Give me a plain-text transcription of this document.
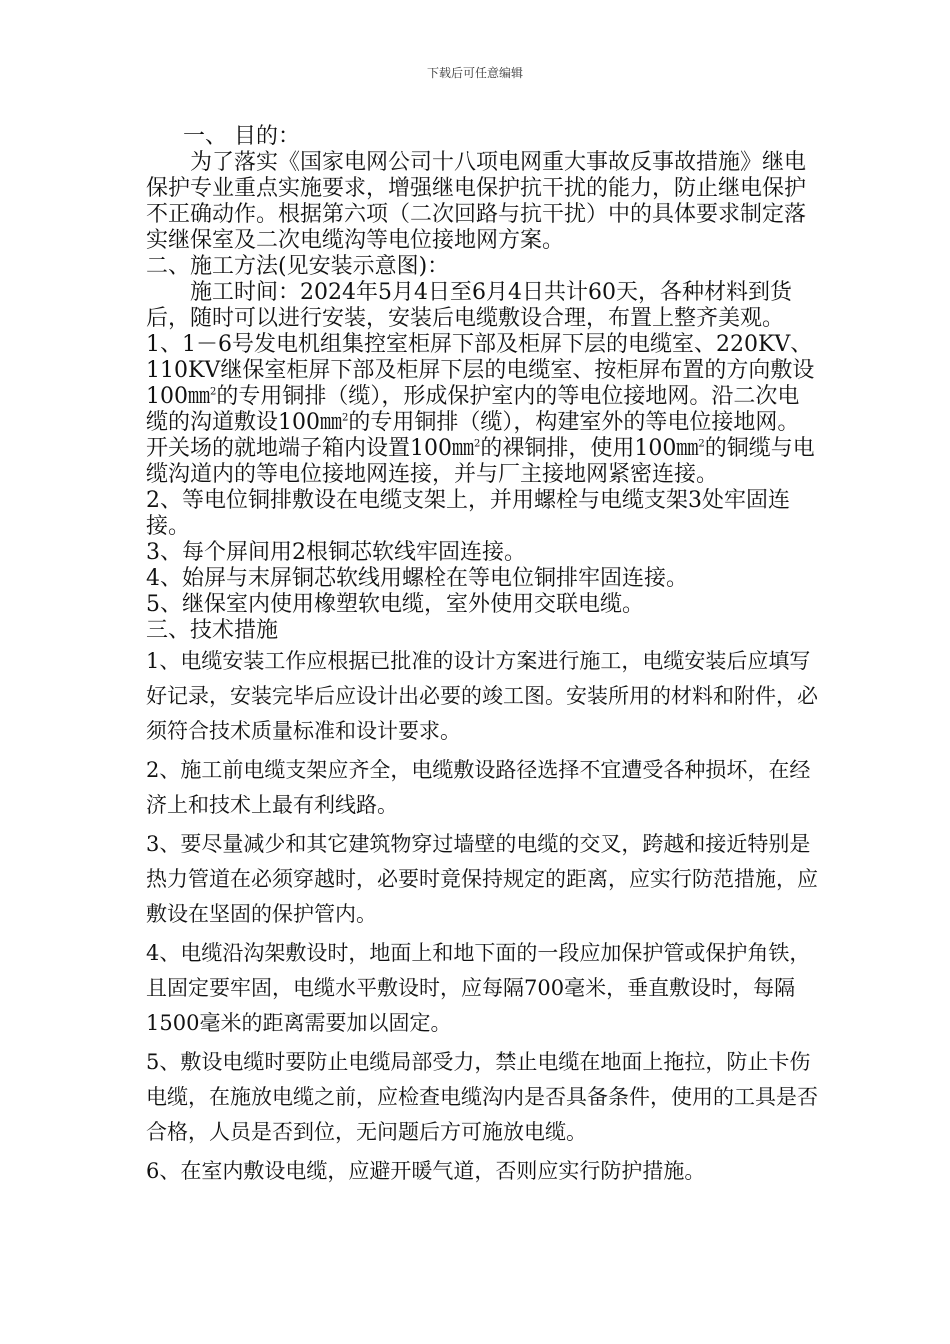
下载后可任意编辑

一、 目的：

为了落实《国家电网公司十八项电网重大事故反事故措施》继电保护专业重点实施要求，增强继电保护抗干扰的能力，防止继电保护不正确动作。根据第六项（二次回路与抗干扰）中的具体要求制定落实继保室及二次电缆沟等电位接地网方案。

二、施工方法(见安装示意图)：

施工时间：2024年5月4日至6月4日共计60天，各种材料到货后，随时可以进行安装，安装后电缆敷设合理，布置上整齐美观。

1、1－6号发电机组集控室柜屏下部及柜屏下层的电缆室、220KV、110KV继保室柜屏下部及柜屏下层的电缆室、按柜屏布置的方向敷设100㎜$^2$的专用铜排（缆），形成保护室内的等电位接地网。沿二次电缆的沟道敷设100㎜$^2$的专用铜排（缆），构建室外的等电位接地网。开关场的就地端子箱内设置100㎜$^2$的裸铜排，使用100㎜$^2$的铜缆与电缆沟道内的等电位接地网连接，并与厂主接地网紧密连接。

2、等电位铜排敷设在电缆支架上，并用螺栓与电缆支架3处牢固连接。

3、每个屏间用2根铜芯软线牢固连接。

4、始屏与末屏铜芯软线用螺栓在等电位铜排牢固连接。

5、继保室内使用橡塑软电缆，室外使用交联电缆。

三、技术措施

1、电缆安装工作应根据已批准的设计方案进行施工，电缆安装后应填写好记录，安装完毕后应设计出必要的竣工图。安装所用的材料和附件，必须符合技术质量标准和设计要求。

2、施工前电缆支架应齐全，电缆敷设路径选择不宜遭受各种损坏，在经济上和技术上最有利线路。

3、要尽量减少和其它建筑物穿过墙壁的电缆的交叉，跨越和接近特别是热力管道在必须穿越时，必要时竟保持规定的距离，应实行防范措施，应敷设在坚固的保护管内。

4、电缆沿沟架敷设时，地面上和地下面的一段应加保护管或保护角铁，且固定要牢固，电缆水平敷设时，应每隔700毫米，垂直敷设时，每隔1500毫米的距离需要加以固定。

5、敷设电缆时要防止电缆局部受力，禁止电缆在地面上拖拉，防止卡伤电缆，在施放电缆之前，应检查电缆沟内是否具备条件，使用的工具是否合格，人员是否到位，无问题后方可施放电缆。

6、在室内敷设电缆，应避开暖气道，否则应实行防护措施。
